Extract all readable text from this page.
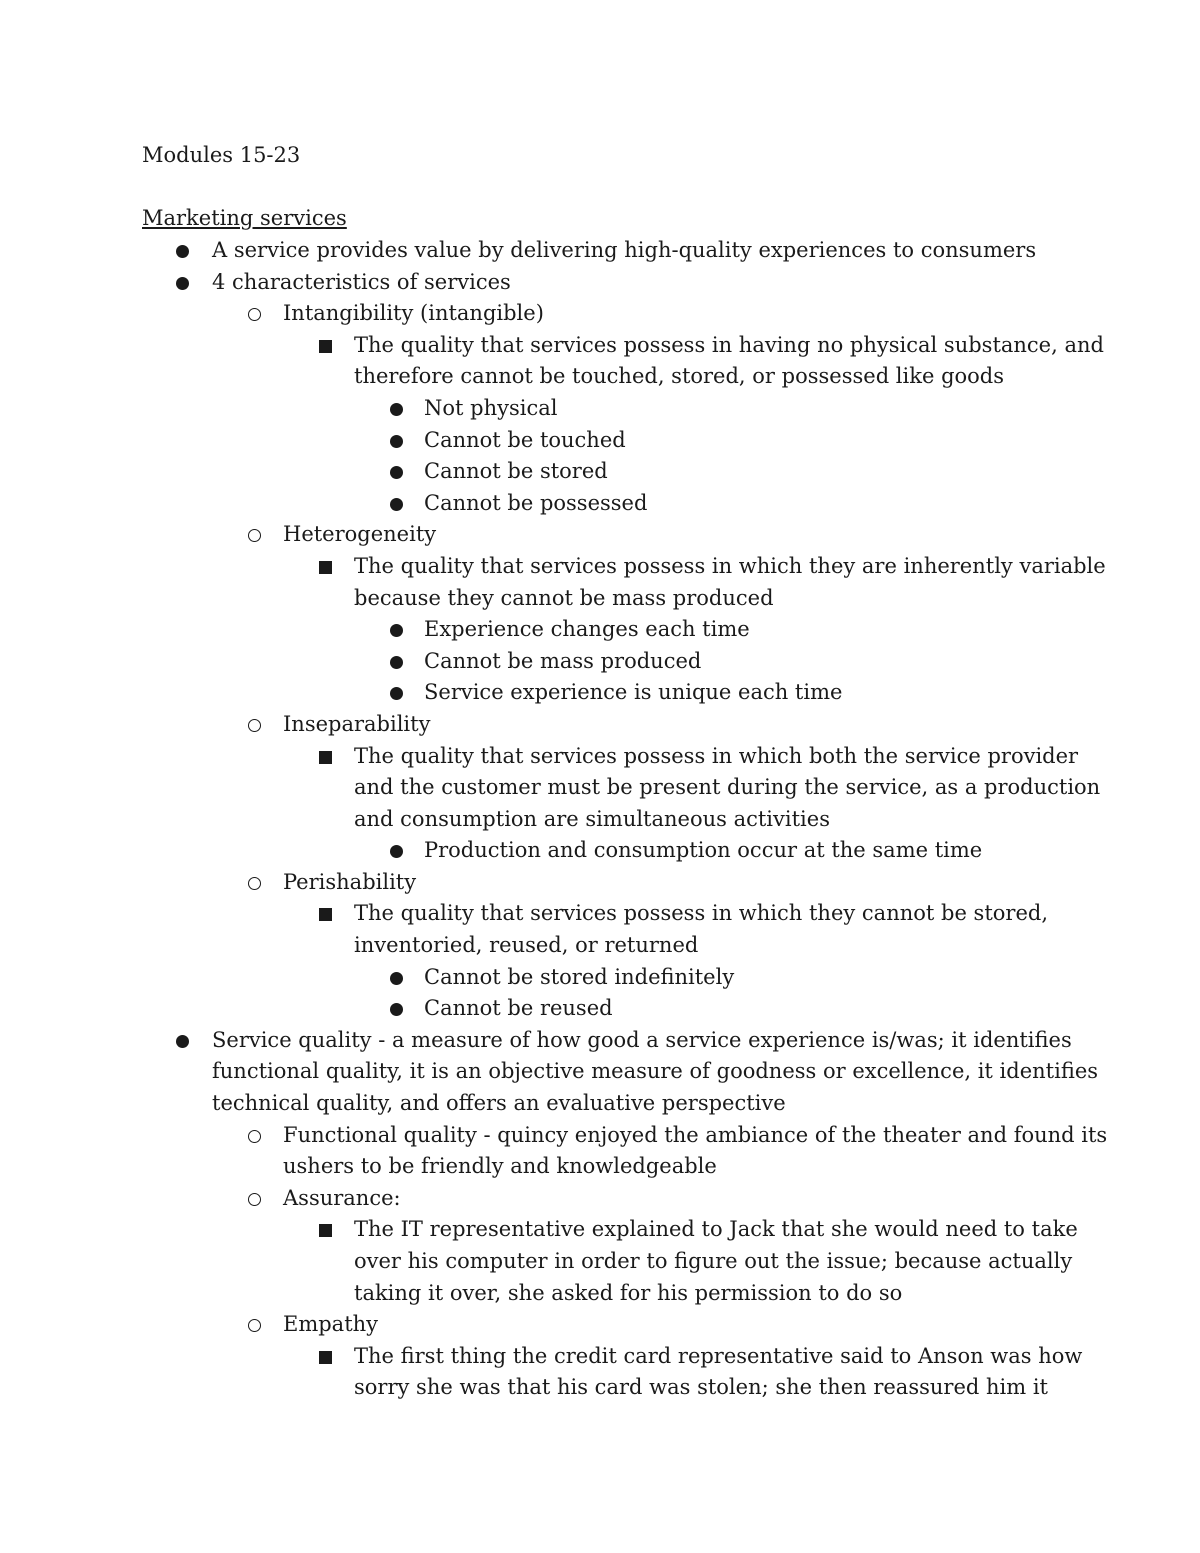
Modules 15-23
Marketing services
A service provides value by delivering high-quality experiences to consumers
4 characteristics of services
Intangibility (intangible)
The quality that services possess in having no physical substance, and
therefore cannot be touched, stored, or possessed like goods
Not physical
Cannot be touched
Cannot be stored
Cannot be possessed
Heterogeneity
The quality that services possess in which they are inherently variable
because they cannot be mass produced
Experience changes each time
Cannot be mass produced
Service experience is unique each time
Inseparability
The quality that services possess in which both the service provider
and the customer must be present during the service, as a production
and consumption are simultaneous activities
Production and consumption occur at the same time
Perishability
The quality that services possess in which they cannot be stored,
inventoried, reused, or returned
Cannot be stored indefinitely
Cannot be reused
Service quality - a measure of how good a service experience is/was; it identifies
functional quality, it is an objective measure of goodness or excellence, it identifies
technical quality, and offers an evaluative perspective
Functional quality - quincy enjoyed the ambiance of the theater and found its
ushers to be friendly and knowledgeable
Assurance:
The IT representative explained to Jack that she would need to take
over his computer in order to figure out the issue; because actually
taking it over, she asked for his permission to do so
Empathy
The first thing the credit card representative said to Anson was how
sorry she was that his card was stolen; she then reassured him it
